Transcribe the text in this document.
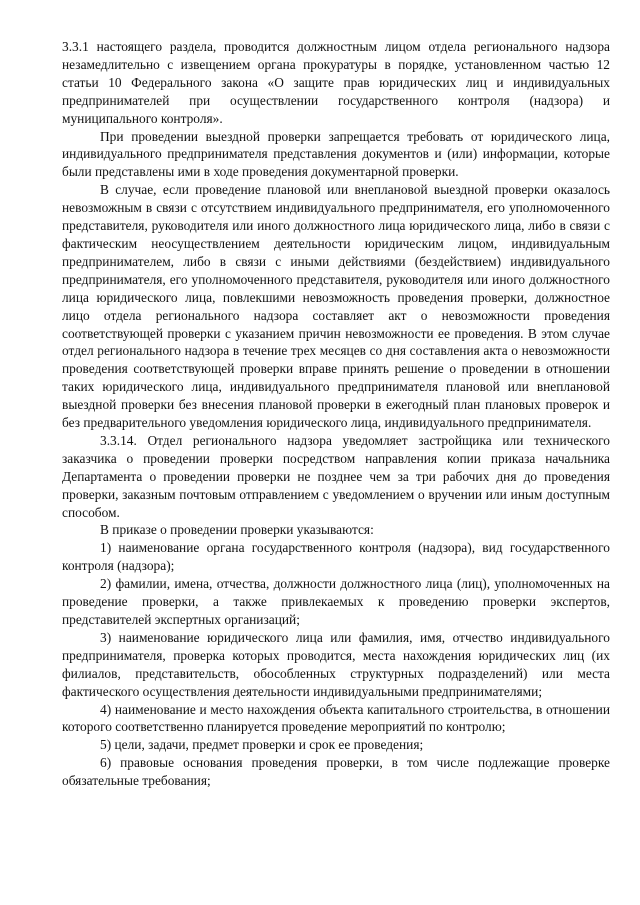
3.3.1 настоящего раздела, проводится должностным лицом отдела регионального надзора незамедлительно с извещением органа прокуратуры в порядке, установленном частью 12 статьи 10 Федерального закона «О защите прав юридических лиц и индивидуальных предпринимателей при осуществлении государственного контроля (надзора) и муниципального контроля».

При проведении выездной проверки запрещается требовать от юридического лица, индивидуального предпринимателя представления документов и (или) информации, которые были представлены ими в ходе проведения документарной проверки.

В случае, если проведение плановой или внеплановой выездной проверки оказалось невозможным в связи с отсутствием индивидуального предпринимателя, его уполномоченного представителя, руководителя или иного должностного лица юридического лица, либо в связи с фактическим неосуществлением деятельности юридическим лицом, индивидуальным предпринимателем, либо в связи с иными действиями (бездействием) индивидуального предпринимателя, его уполномоченного представителя, руководителя или иного должностного лица юридического лица, повлекшими невозможность проведения проверки, должностное лицо отдела регионального надзора составляет акт о невозможности проведения соответствующей проверки с указанием причин невозможности ее проведения. В этом случае отдел регионального надзора в течение трех месяцев со дня составления акта о невозможности проведения соответствующей проверки вправе принять решение о проведении в отношении таких юридического лица, индивидуального предпринимателя плановой или внеплановой выездной проверки без внесения плановой проверки в ежегодный план плановых проверок и без предварительного уведомления юридического лица, индивидуального предпринимателя.

3.3.14. Отдел регионального надзора уведомляет застройщика или технического заказчика о проведении проверки посредством направления копии приказа начальника Департамента о проведении проверки не позднее чем за три рабочих дня до проведения проверки, заказным почтовым отправлением с уведомлением о вручении или иным доступным способом.

В приказе о проведении проверки указываются:

1) наименование органа государственного контроля (надзора), вид государственного контроля (надзора);

2) фамилии, имена, отчества, должности должностного лица (лиц), уполномоченных на проведение проверки, а также привлекаемых к проведению проверки экспертов, представителей экспертных организаций;

3) наименование юридического лица или фамилия, имя, отчество индивидуального предпринимателя, проверка которых проводится, места нахождения юридических лиц (их филиалов, представительств, обособленных структурных подразделений) или места фактического осуществления деятельности индивидуальными предпринимателями;

4) наименование и место нахождения объекта капитального строительства, в отношении которого соответственно планируется проведение мероприятий по контролю;

5) цели, задачи, предмет проверки и срок ее проведения;

6) правовые основания проведения проверки, в том числе подлежащие проверке обязательные требования;
